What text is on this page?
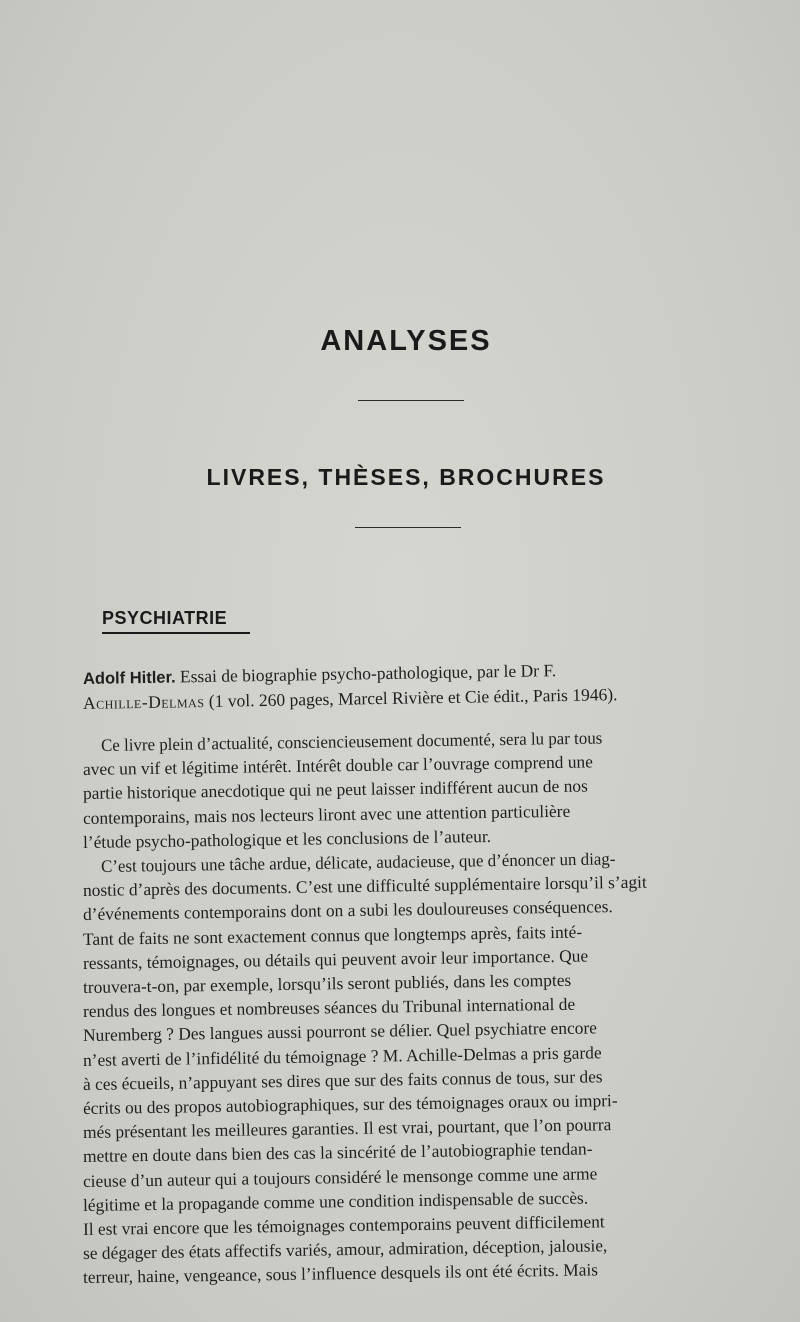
ANALYSES
LIVRES, THÈSES, BROCHURES
PSYCHIATRIE
Adolf Hitler. Essai de biographie psycho-pathologique, par le Dr F.
Achille-Delmas (1 vol. 260 pages, Marcel Rivière et Cie édit., Paris 1946).
Ce livre plein d’actualité, consciencieusement documenté, sera lu par tous
avec un vif et légitime intérêt. Intérêt double car l’ouvrage comprend une
partie historique anecdotique qui ne peut laisser indifférent aucun de nos
contemporains, mais nos lecteurs liront avec une attention particulière
l’étude psycho-pathologique et les conclusions de l’auteur.
C’est toujours une tâche ardue, délicate, audacieuse, que d’énoncer un diag-
nostic d’après des documents. C’est une difficulté supplémentaire lorsqu’il s’agit
d’événements contemporains dont on a subi les douloureuses conséquences.
Tant de faits ne sont exactement connus que longtemps après, faits inté-
ressants, témoignages, ou détails qui peuvent avoir leur importance. Que
trouvera-t-on, par exemple, lorsqu’ils seront publiés, dans les comptes
rendus des longues et nombreuses séances du Tribunal international de
Nuremberg ? Des langues aussi pourront se délier. Quel psychiatre encore
n’est averti de l’infidélité du témoignage ? M. Achille-Delmas a pris garde
à ces écueils, n’appuyant ses dires que sur des faits connus de tous, sur des
écrits ou des propos autobiographiques, sur des témoignages oraux ou impri-
més présentant les meilleures garanties. Il est vrai, pourtant, que l’on pourra
mettre en doute dans bien des cas la sincérité de l’autobiographie tendan-
cieuse d’un auteur qui a toujours considéré le mensonge comme une arme
légitime et la propagande comme une condition indispensable de succès.
Il est vrai encore que les témoignages contemporains peuvent difficilement
se dégager des états affectifs variés, amour, admiration, déception, jalousie,
terreur, haine, vengeance, sous l’influence desquels ils ont été écrits. Mais
